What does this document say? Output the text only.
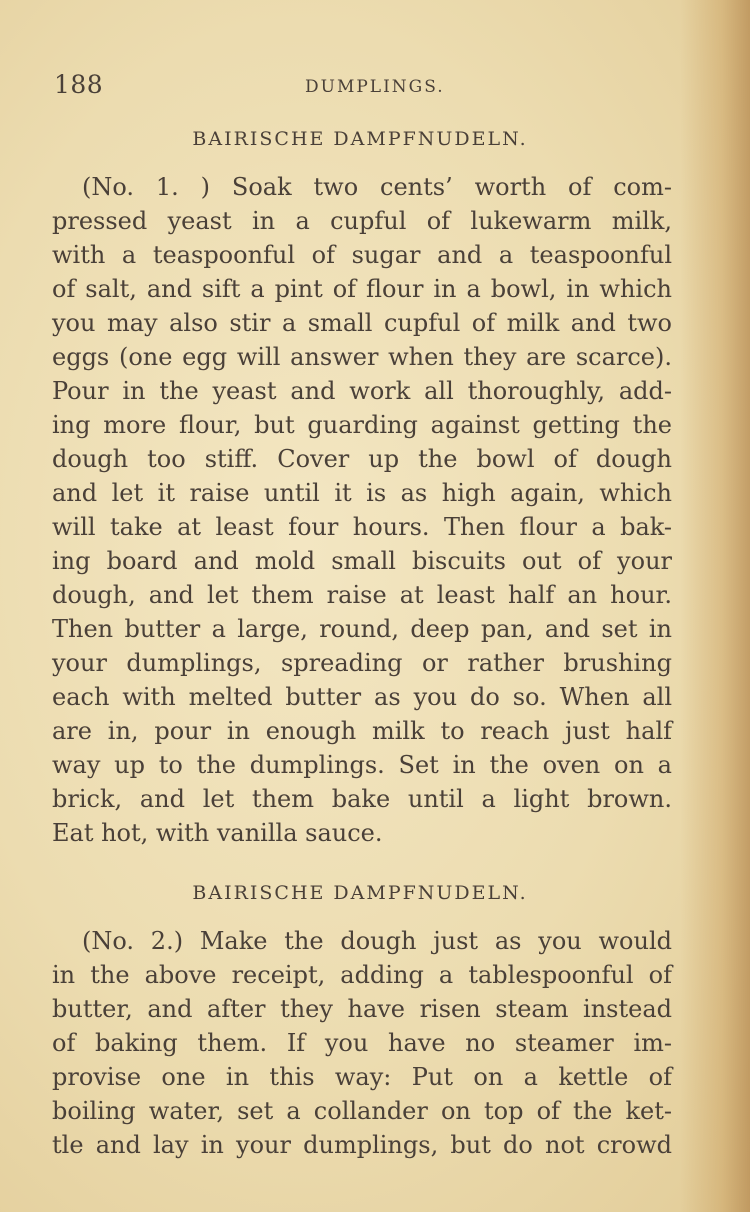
188	DUMPLINGS.
BAIRISCHE DAMPFNUDELN.
(No. 1. ) Soak two cents’ worth of com-
pressed yeast in a cupful of lukewarm milk,
with a teaspoonful of sugar and a teaspoonful
of salt, and sift a pint of flour in a bowl, in which
you may also stir a small cupful of milk and two
eggs (one egg will answer when they are scarce).
Pour in the yeast and work all thoroughly, add-
ing more flour, but guarding against getting the
dough too stiff. Cover up the bowl of dough
and let it raise until it is as high again, which
will take at least four hours. Then flour a bak-
ing board and mold small biscuits out of your
dough, and let them raise at least half an hour.
Then butter a large, round, deep pan, and set in
your dumplings, spreading or rather brushing
each with melted butter as you do so. When all
are in, pour in enough milk to reach just half
way up to the dumplings. Set in the oven on a
brick, and let them bake until a light brown.
Eat hot, with vanilla sauce.
BAIRISCHE DAMPFNUDELN.
(No. 2.) Make the dough just as you would
in the above receipt, adding a tablespoonful of
butter, and after they have risen steam instead
of baking them. If you have no steamer im-
provise one in this way: Put on a kettle of
boiling water, set a collander on top of the ket-
tle and lay in your dumplings, but do not crowd
